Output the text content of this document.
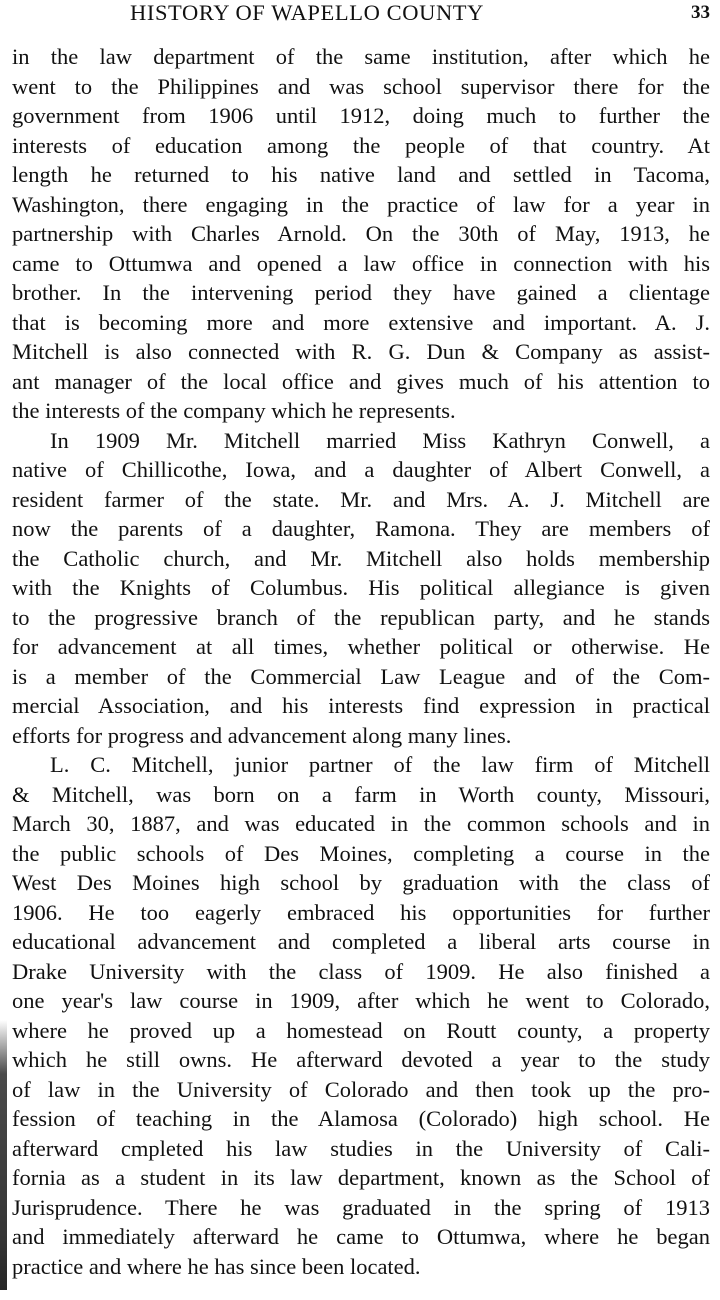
HISTORY OF WAPELLO COUNTY	33
in the law department of the same institution, after which he
went to the Philippines and was school supervisor there for the
government from 1906 until 1912, doing much to further the
interests of education among the people of that country. At
length he returned to his native land and settled in Tacoma,
Washington, there engaging in the practice of law for a year in
partnership with Charles Arnold. On the 30th of May, 1913, he
came to Ottumwa and opened a law office in connection with his
brother. In the intervening period they have gained a clientage
that is becoming more and more extensive and important. A. J.
Mitchell is also connected with R. G. Dun & Company as assist-
ant manager of the local office and gives much of his attention to
the interests of the company which he represents.
In 1909 Mr. Mitchell married Miss Kathryn Conwell, a
native of Chillicothe, Iowa, and a daughter of Albert Conwell, a
resident farmer of the state. Mr. and Mrs. A. J. Mitchell are
now the parents of a daughter, Ramona. They are members of
the Catholic church, and Mr. Mitchell also holds membership
with the Knights of Columbus. His political allegiance is given
to the progressive branch of the republican party, and he stands
for advancement at all times, whether political or otherwise. He
is a member of the Commercial Law League and of the Com-
mercial Association, and his interests find expression in practical
efforts for progress and advancement along many lines.
L. C. Mitchell, junior partner of the law firm of Mitchell
& Mitchell, was born on a farm in Worth county, Missouri,
March 30, 1887, and was educated in the common schools and in
the public schools of Des Moines, completing a course in the
West Des Moines high school by graduation with the class of
1906. He too eagerly embraced his opportunities for further
educational advancement and completed a liberal arts course in
Drake University with the class of 1909. He also finished a
one year's law course in 1909, after which he went to Colorado,
where he proved up a homestead on Routt county, a property
which he still owns. He afterward devoted a year to the study
of law in the University of Colorado and then took up the pro-
fession of teaching in the Alamosa (Colorado) high school. He
afterward cmpleted his law studies in the University of Cali-
fornia as a student in its law department, known as the School of
Jurisprudence. There he was graduated in the spring of 1913
and immediately afterward he came to Ottumwa, where he began
practice and where he has since been located.
